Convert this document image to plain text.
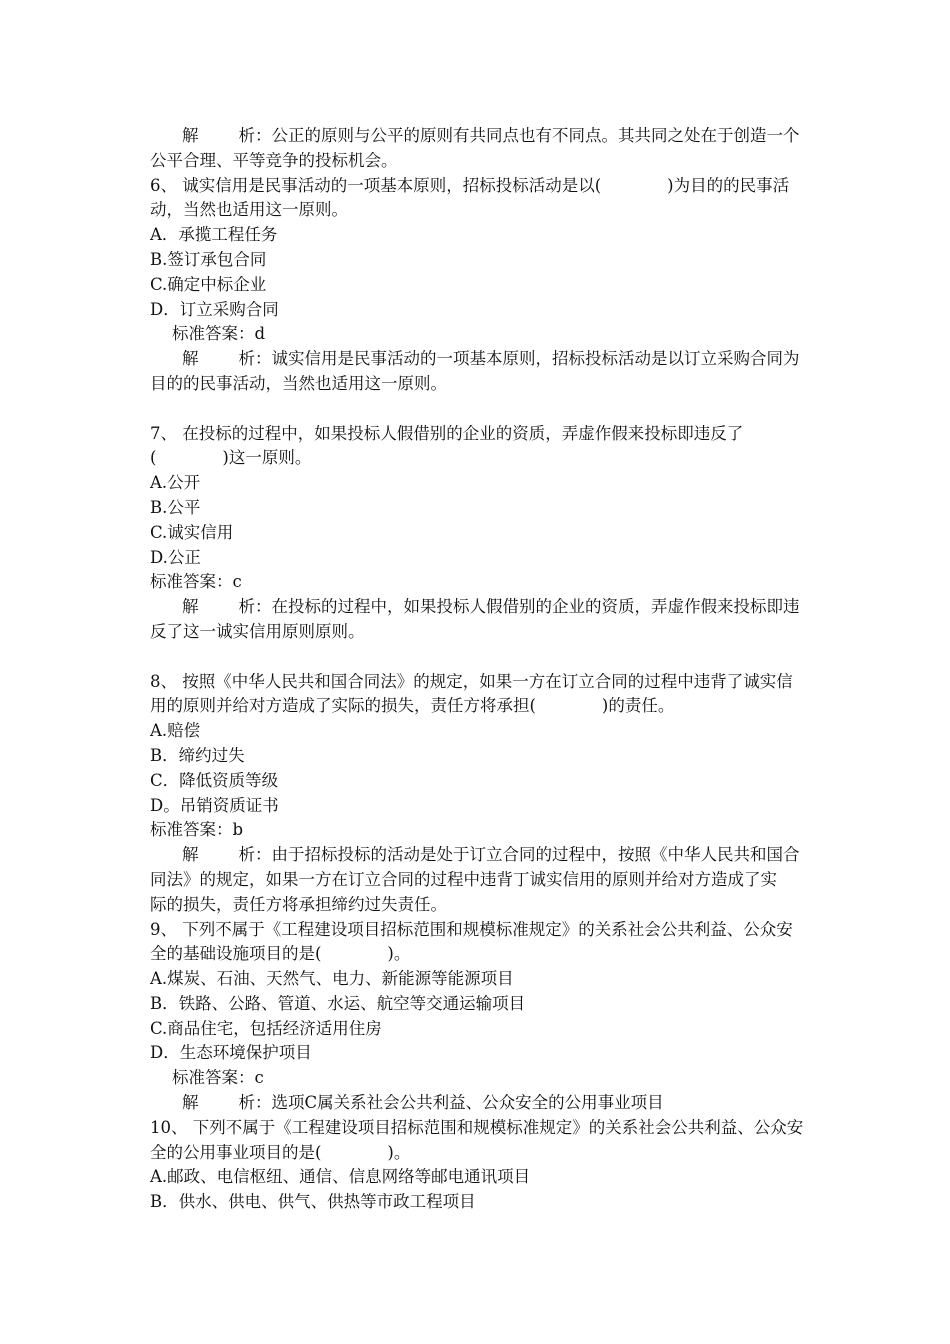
解 析：公正的原则与公平的原则有共同点也有不同点。其共同之处在于创造一个

公平合理、平等竞争的投标机会。

6、 诚实信用是民事活动的一项基本原则，招标投标活动是以(　　　　)为目的的民事活

动，当然也适用这一原则。

A．承揽工程任务

B.签订承包合同

C.确定中标企业

D．订立采购合同

标准答案：d

解 析：诚实信用是民事活动的一项基本原则，招标投标活动是以订立采购合同为

目的的民事活动，当然也适用这一原则。

7、 在投标的过程中，如果投标人假借别的企业的资质，弄虚作假来投标即违反了

(　　　　)这一原则。

A.公开

B.公平

C.诚实信用

D.公正

标准答案：c

解 析：在投标的过程中，如果投标人假借别的企业的资质，弄虚作假来投标即违

反了这一诚实信用原则原则。

8、 按照《中华人民共和国合同法》的规定，如果一方在订立合同的过程中违背了诚实信

用的原则并给对方造成了实际的损失，责任方将承担(　　　　)的责任。

A.赔偿

B．缔约过失

C．降低资质等级

D。吊销资质证书

标准答案：b

解 析：由于招标投标的活动是处于订立合同的过程中，按照《中华人民共和国合

同法》的规定，如果一方在订立合同的过程中违背丁诚实信用的原则并给对方造成了实

际的损失，责任方将承担缔约过失责任。

9、 下列不属于《工程建设项目招标范围和规模标准规定》的关系社会公共利益、公众安

全的基础设施项目的是(　　　　)。

A.煤炭、石油、天然气、电力、新能源等能源项目

B．铁路、公路、管道、水运、航空等交通运输项目

C.商品住宅，包括经济适用住房

D．生态环境保护项目

标准答案：c

解 析：选项C属关系社会公共利益、公众安全的公用事业项目

10、 下列不属于《工程建设项目招标范围和规模标准规定》的关系社会公共利益、公众安

全的公用事业项目的是(　　　　)。

A.邮政、电信枢纽、通信、信息网络等邮电通讯项目

B．供水、供电、供气、供热等市政工程项目
